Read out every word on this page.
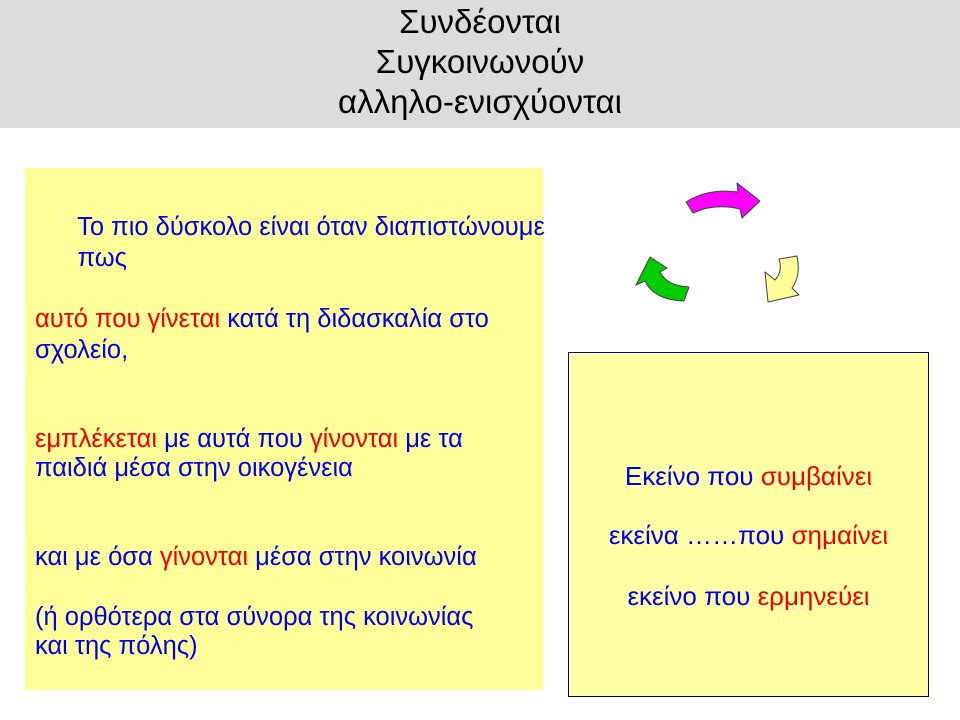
Συνδέονται
Συγκοινωνούν
αλληλο-ενισχύονται

Το πιο δύσκολο είναι όταν διαπιστώνουμε

πως

αυτό που γίνεται κατά τη διδασκαλία στο
σχολείο,
εμπλέκεται με αυτά που γίνονται με τα
παιδιά μέσα στην οικογένεια
και με όσα γίνονται μέσα στην κοινωνία
(ή ορθότερα στα σύνορα της κοινωνίας
και της πόλης)
Εκείνο που συμβαίνει
εκείνα ……που σημαίνει
εκείνο που ερμηνεύει
